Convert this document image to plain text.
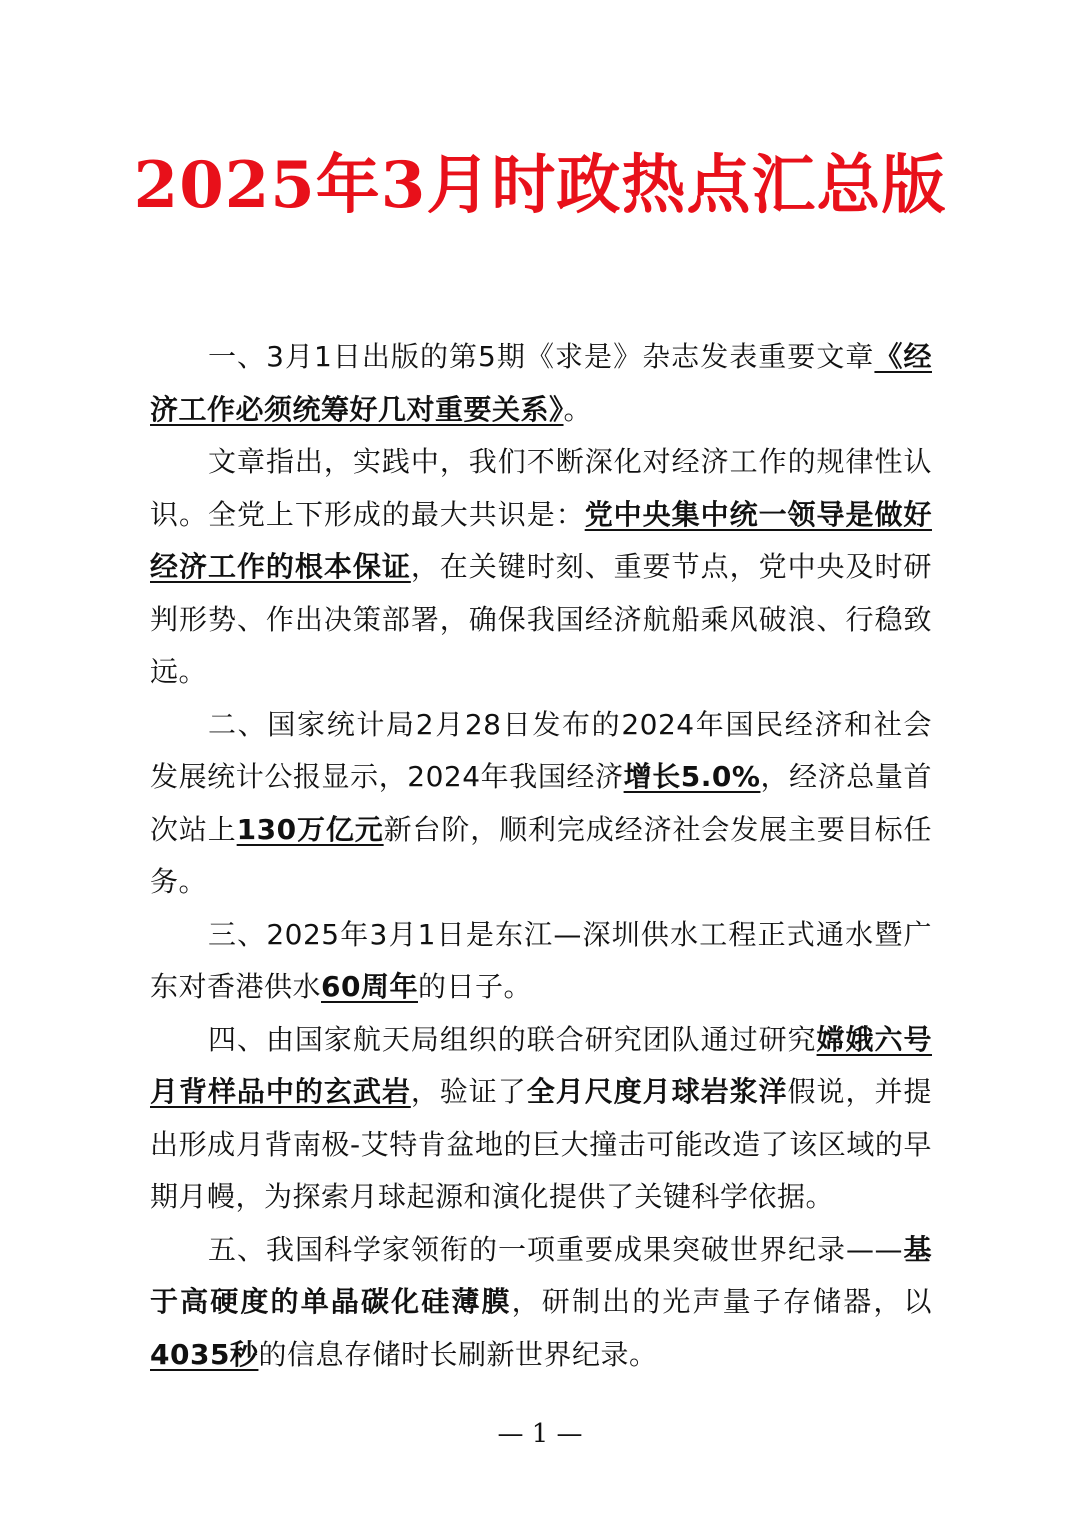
2025年3月时政热点汇总版

一、3月1日出版的第5期《求是》杂志发表重要文章《经济工作必须统筹好几对重要关系》。

文章指出，实践中，我们不断深化对经济工作的规律性认识。全党上下形成的最大共识是：党中央集中统一领导是做好经济工作的根本保证，在关键时刻、重要节点，党中央及时研判形势、作出决策部署，确保我国经济航船乘风破浪、行稳致远。

二、国家统计局2月28日发布的2024年国民经济和社会发展统计公报显示，2024年我国经济增长5.0%，经济总量首次站上130万亿元新台阶，顺利完成经济社会发展主要目标任务。

三、2025年3月1日是东江—深圳供水工程正式通水暨广东对香港供水60周年的日子。

四、由国家航天局组织的联合研究团队通过研究嫦娥六号月背样品中的玄武岩，验证了全月尺度月球岩浆洋假说，并提出形成月背南极-艾特肯盆地的巨大撞击可能改造了该区域的早期月幔，为探索月球起源和演化提供了关键科学依据。

五、我国科学家领衔的一项重要成果突破世界纪录——基于高硬度的单晶碳化硅薄膜，研制出的光声量子存储器，以4035秒的信息存储时长刷新世界纪录。

— 1 —
